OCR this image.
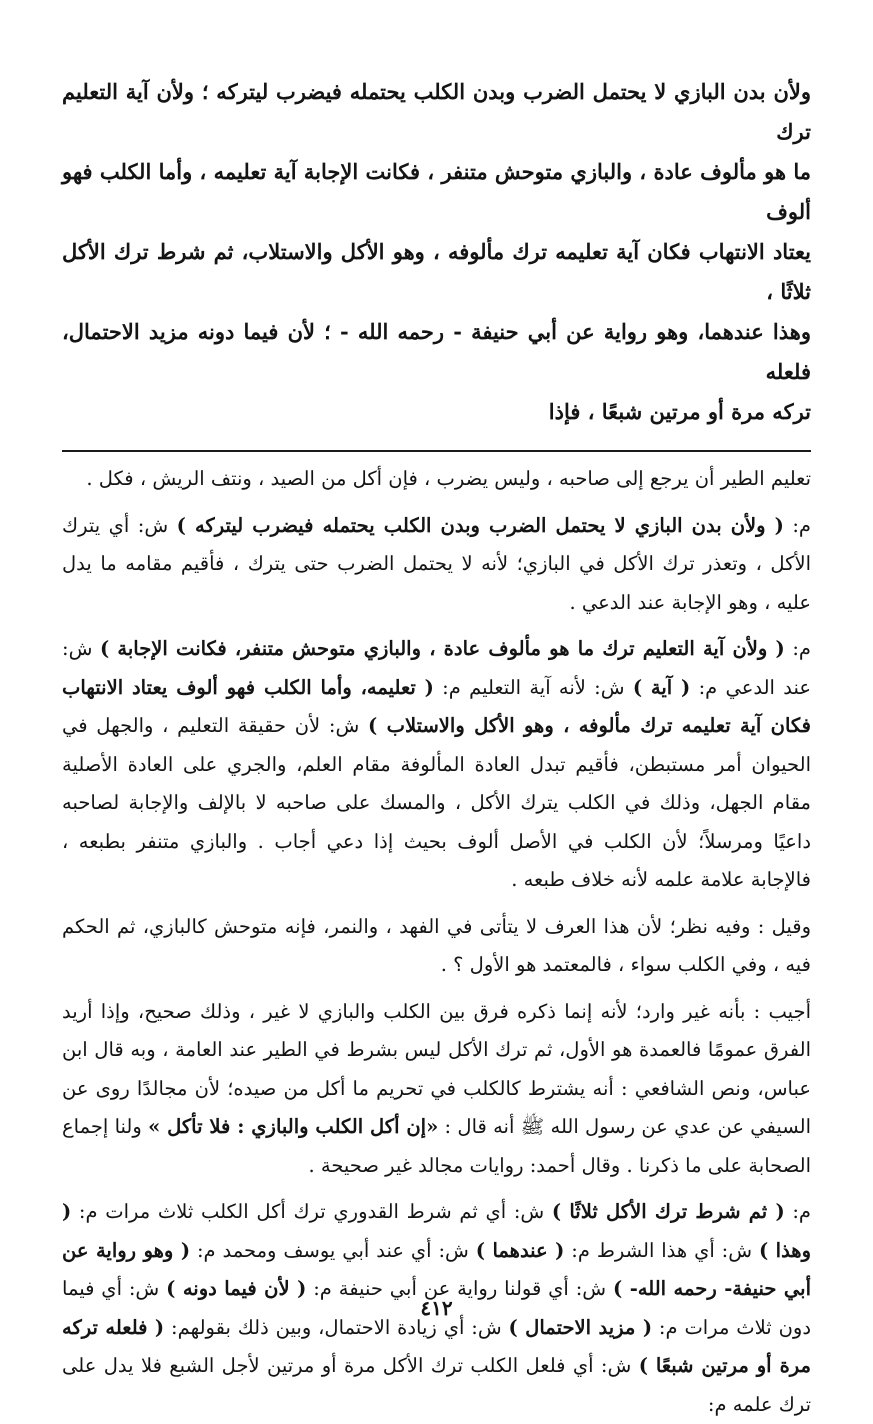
ولأن بدن البازي لا يحتمل الضرب وبدن الكلب يحتمله فيضرب ليتركه ؛ ولأن آية التعليم ترك

ما هو مألوف عادة ، والبازي متوحش متنفر ، فكانت الإجابة آية تعليمه ، وأما الكلب فهو ألوف

يعتاد الانتهاب فكان آية تعليمه ترك مألوفه ، وهو الأكل والاستلاب، ثم شرط ترك الأكل ثلاثًا ،

وهذا عندهما، وهو رواية عن أبي حنيفة - رحمه الله - ؛ لأن فيما دونه مزيد الاحتمال، فلعله

تركه مرة أو مرتين شبعًا ، فإذا

تعليم الطير أن يرجع إلى صاحبه ، وليس يضرب ، فإن أكل من الصيد ، ونتف الريش ، فكل .

م: ( ولأن بدن البازي لا يحتمل الضرب وبدن الكلب يحتمله فيضرب ليتركه ) ش: أي يترك الأكل ، وتعذر ترك الأكل في البازي؛ لأنه لا يحتمل الضرب حتى يترك ، فأقيم مقامه ما يدل عليه ، وهو الإجابة عند الدعي .

م: ( ولأن آية التعليم ترك ما هو مألوف عادة ، والبازي متوحش متنفر، فكانت الإجابة ) ش: عند الدعي م: ( آية ) ش: لأنه آية التعليم م: ( تعليمه، وأما الكلب فهو ألوف يعتاد الانتهاب فكان آية تعليمه ترك مألوفه ، وهو الأكل والاستلاب ) ش: لأن حقيقة التعليم ، والجهل في الحيوان أمر مستبطن، فأقيم تبدل العادة المألوفة مقام العلم، والجري على العادة الأصلية مقام الجهل، وذلك في الكلب يترك الأكل ، والمسك على صاحبه لا بالإلف والإجابة لصاحبه داعيًا ومرسلاً؛ لأن الكلب في الأصل ألوف بحيث إذا دعي أجاب . والبازي متنفر بطبعه ، فالإجابة علامة علمه لأنه خلاف طبعه .

وقيل : وفيه نظر؛ لأن هذا العرف لا يتأتى في الفهد ، والنمر، فإنه متوحش كالبازي، ثم الحكم فيه ، وفي الكلب سواء ، فالمعتمد هو الأول ؟ .

أجيب : بأنه غير وارد؛ لأنه إنما ذكره فرق بين الكلب والبازي لا غير ، وذلك صحيح، وإذا أريد الفرق عمومًا فالعمدة هو الأول، ثم ترك الأكل ليس بشرط في الطير عند العامة ، وبه قال ابن عباس، ونص الشافعي : أنه يشترط كالكلب في تحريم ما أكل من صيده؛ لأن مجالدًا روى عن السيفي عن عدي عن رسول الله ﷺ أنه قال : «إن أكل الكلب والبازي : فلا تأكل » ولنا إجماع الصحابة على ما ذكرنا . وقال أحمد: روايات مجالد غير صحيحة .

م: ( ثم شرط ترك الأكل ثلاثًا ) ش: أي ثم شرط القدوري ترك أكل الكلب ثلاث مرات م: ( وهذا ) ش: أي هذا الشرط م: ( عندهما ) ش: أي عند أبي يوسف ومحمد م: ( وهو رواية عن أبي حنيفة- رحمه الله- ) ش: أي قولنا رواية عن أبي حنيفة م: ( لأن فيما دونه ) ش: أي فيما دون ثلاث مرات م: ( مزيد الاحتمال ) ش: أي زيادة الاحتمال، وبين ذلك بقولهم: ( فلعله تركه مرة أو مرتين شبعًا ) ش: أي فلعل الكلب ترك الأكل مرة أو مرتين لأجل الشبع فلا يدل على ترك علمه م:

٤١٢
